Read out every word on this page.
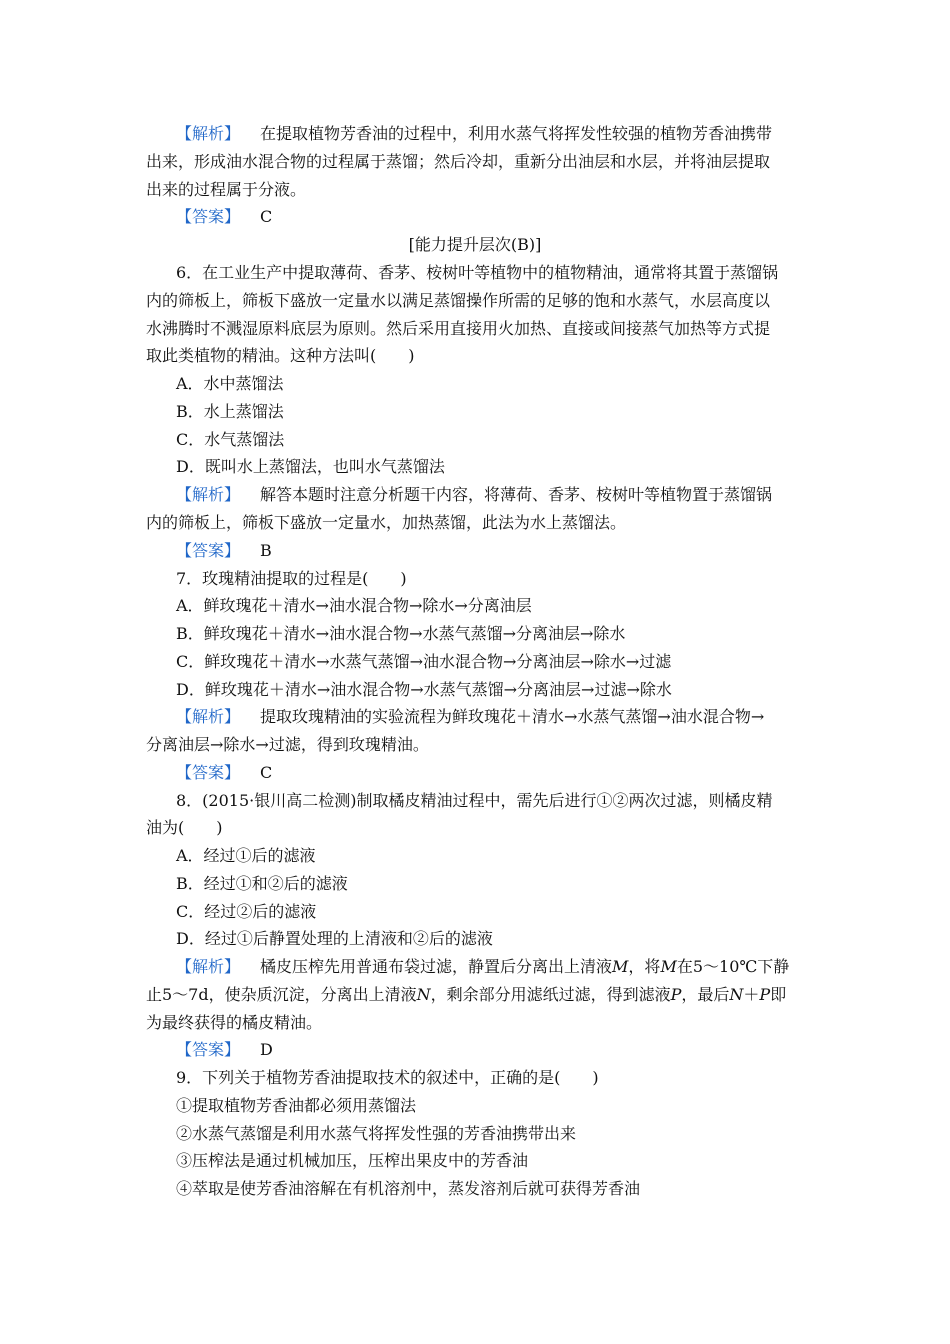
【解析】 在提取植物芳香油的过程中，利用水蒸气将挥发性较强的植物芳香油携带
出来，形成油水混合物的过程属于蒸馏；然后冷却，重新分出油层和水层，并将油层提取
出来的过程属于分液。
【答案】 C
[能力提升层次(B)]
6．在工业生产中提取薄荷、香茅、桉树叶等植物中的植物精油，通常将其置于蒸馏锅
内的筛板上，筛板下盛放一定量水以满足蒸馏操作所需的足够的饱和水蒸气，水层高度以
水沸腾时不溅湿原料底层为原则。然后采用直接用火加热、直接或间接蒸气加热等方式提
取此类植物的精油。这种方法叫(　　)
A．水中蒸馏法
B．水上蒸馏法
C．水气蒸馏法
D．既叫水上蒸馏法，也叫水气蒸馏法
【解析】 解答本题时注意分析题干内容，将薄荷、香茅、桉树叶等植物置于蒸馏锅
内的筛板上，筛板下盛放一定量水，加热蒸馏，此法为水上蒸馏法。
【答案】 B
7．玫瑰精油提取的过程是(　　)
A．鲜玫瑰花＋清水→油水混合物→除水→分离油层
B．鲜玫瑰花＋清水→油水混合物→水蒸气蒸馏→分离油层→除水
C．鲜玫瑰花＋清水→水蒸气蒸馏→油水混合物→分离油层→除水→过滤
D．鲜玫瑰花＋清水→油水混合物→水蒸气蒸馏→分离油层→过滤→除水
【解析】 提取玫瑰精油的实验流程为鲜玫瑰花＋清水→水蒸气蒸馏→油水混合物→
分离油层→除水→过滤，得到玫瑰精油。
【答案】 C
8．(2015·银川高二检测)制取橘皮精油过程中，需先后进行①②两次过滤，则橘皮精
油为(　　)
A．经过①后的滤液
B．经过①和②后的滤液
C．经过②后的滤液
D．经过①后静置处理的上清液和②后的滤液
【解析】 橘皮压榨先用普通布袋过滤，静置后分离出上清液M，将M在5～10℃下静
止5～7d，使杂质沉淀，分离出上清液N，剩余部分用滤纸过滤，得到滤液P，最后N＋P即
为最终获得的橘皮精油。
【答案】 D
9．下列关于植物芳香油提取技术的叙述中，正确的是(　　)
①提取植物芳香油都必须用蒸馏法
②水蒸气蒸馏是利用水蒸气将挥发性强的芳香油携带出来
③压榨法是通过机械加压，压榨出果皮中的芳香油
④萃取是使芳香油溶解在有机溶剂中，蒸发溶剂后就可获得芳香油
